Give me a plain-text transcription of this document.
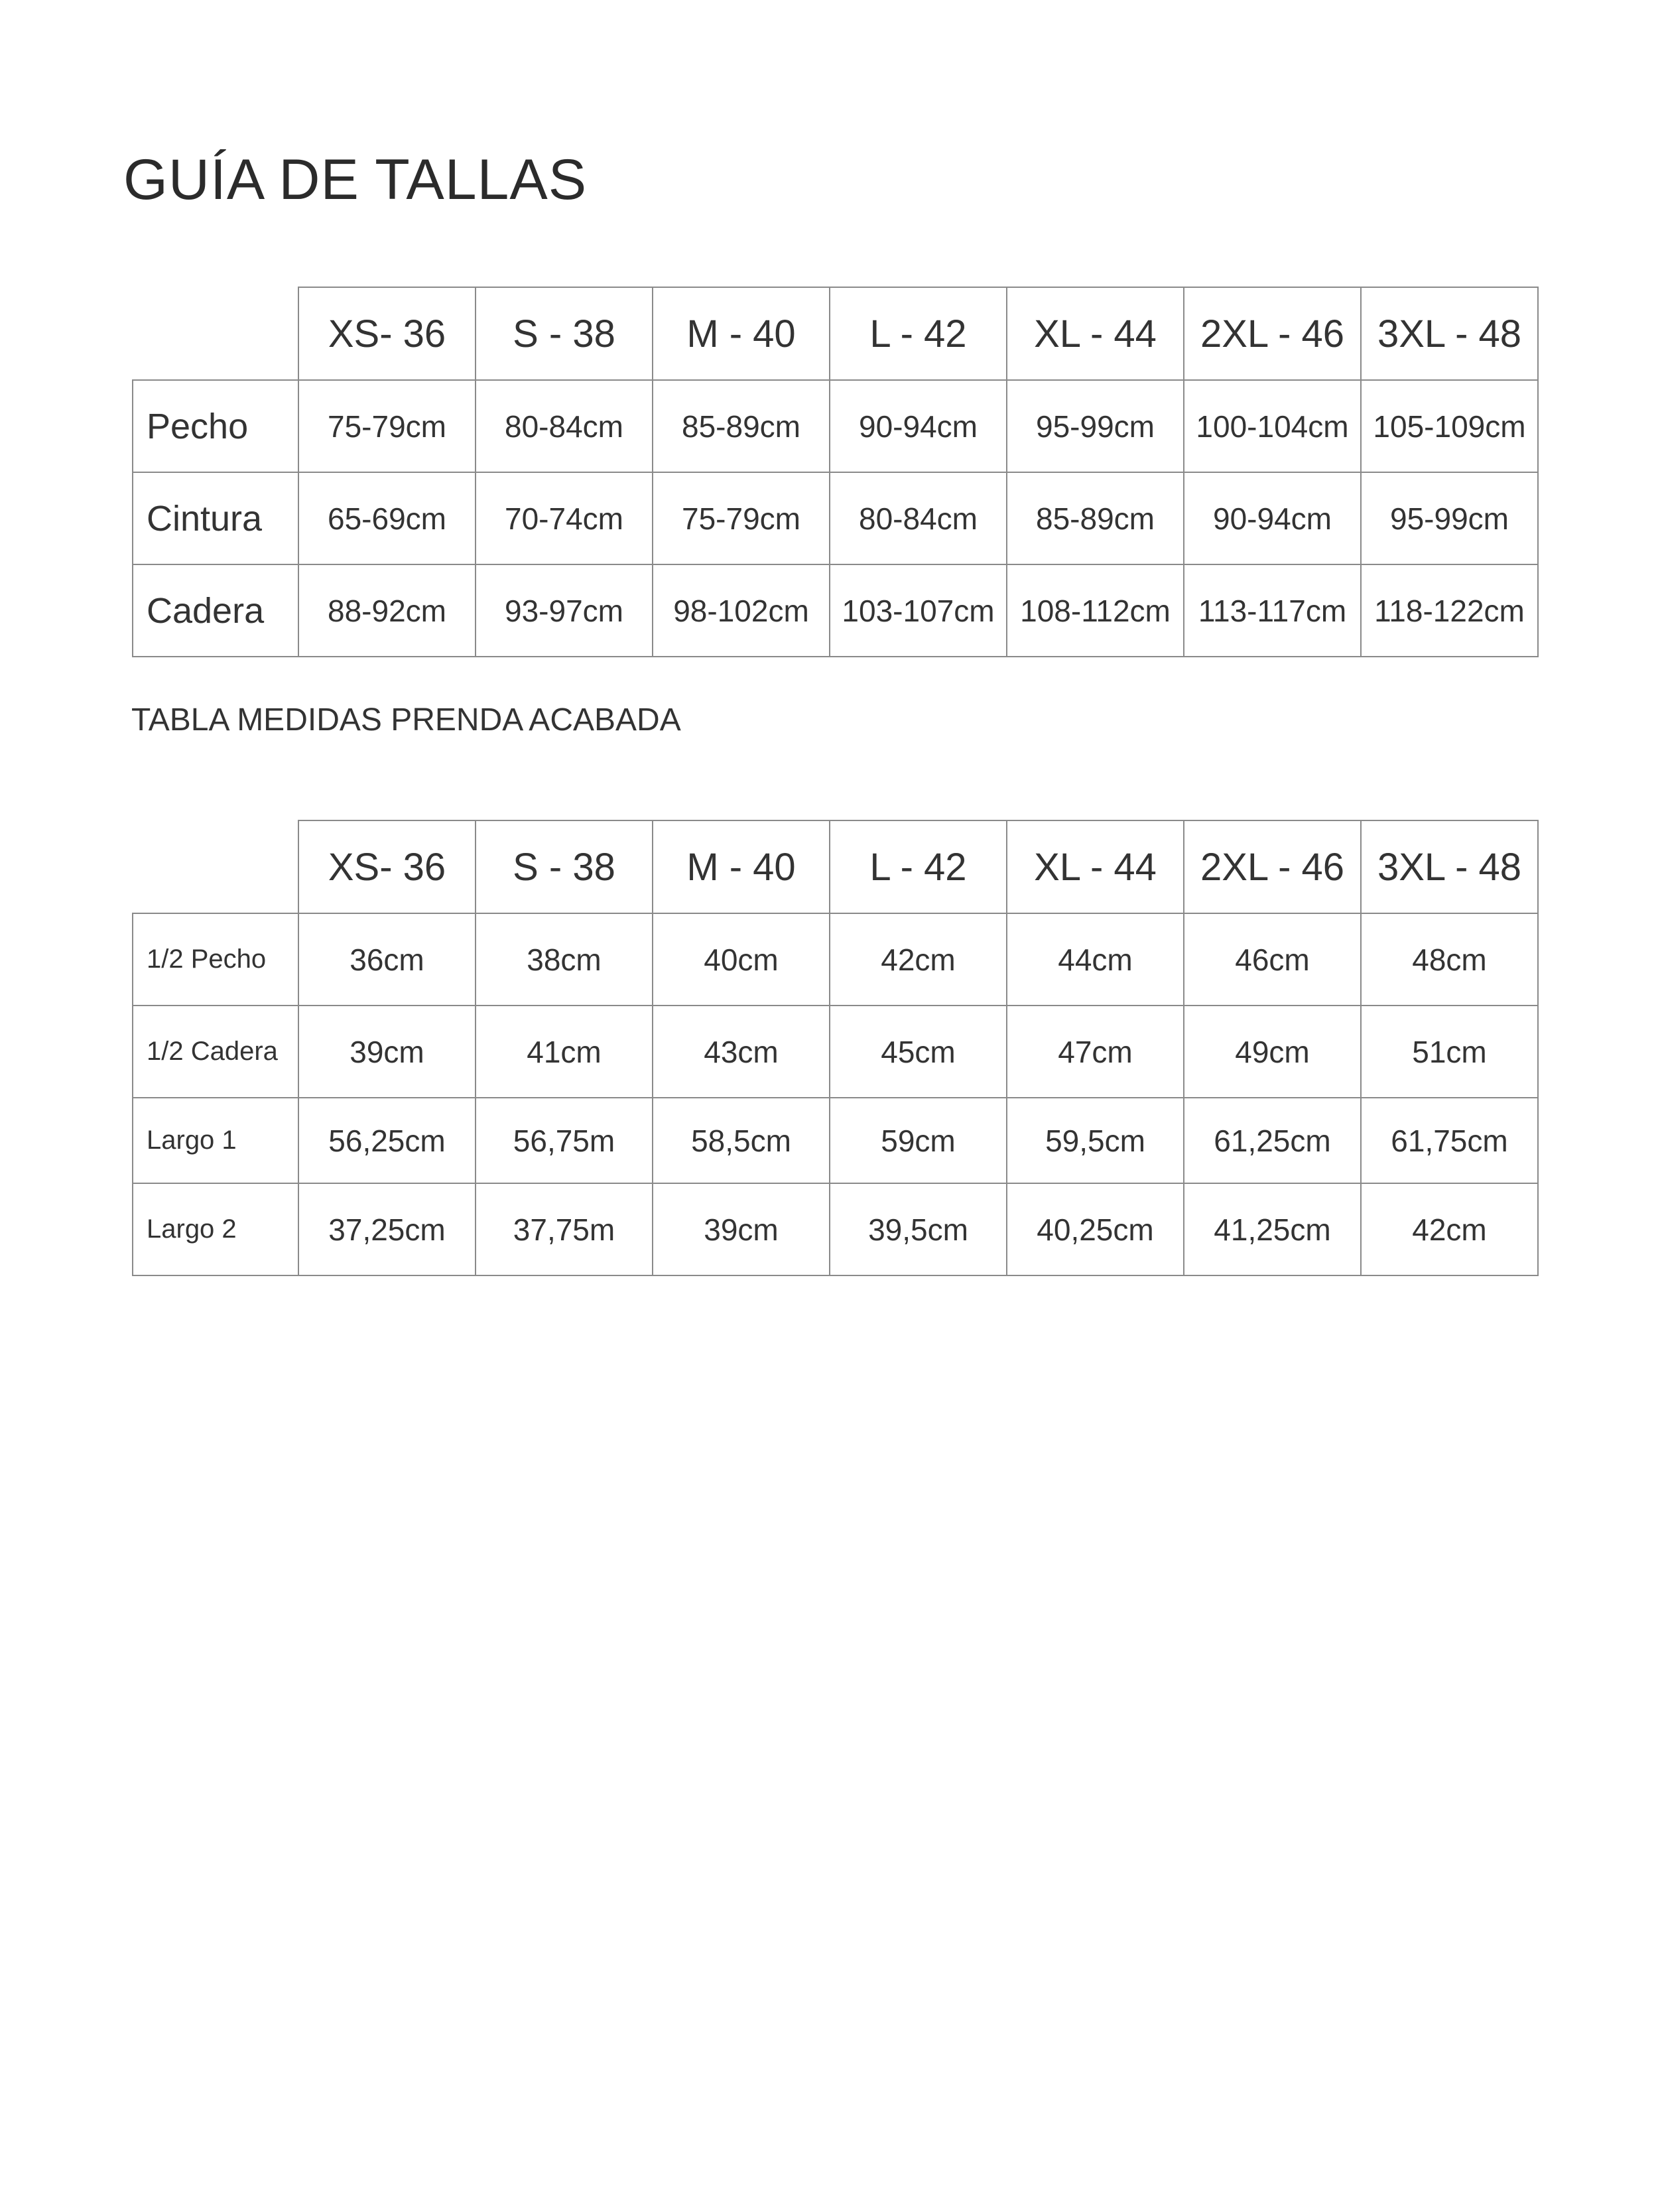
GUÍA DE TALLAS
	XS- 36	S - 38	M - 40	L - 42	XL - 44	2XL - 46	3XL - 48
Pecho	75-79cm	80-84cm	85-89cm	90-94cm	95-99cm	100-104cm	105-109cm
Cintura	65-69cm	70-74cm	75-79cm	80-84cm	85-89cm	90-94cm	95-99cm
Cadera	88-92cm	93-97cm	98-102cm	103-107cm	108-112cm	113-117cm	118-122cm
TABLA MEDIDAS PRENDA ACABADA
	XS- 36	S - 38	M - 40	L - 42	XL - 44	2XL - 46	3XL - 48
1/2 Pecho	36cm	38cm	40cm	42cm	44cm	46cm	48cm
1/2 Cadera	39cm	41cm	43cm	45cm	47cm	49cm	51cm
Largo 1	56,25cm	56,75m	58,5cm	59cm	59,5cm	61,25cm	61,75cm
Largo 2	37,25cm	37,75m	39cm	39,5cm	40,25cm	41,25cm	42cm
